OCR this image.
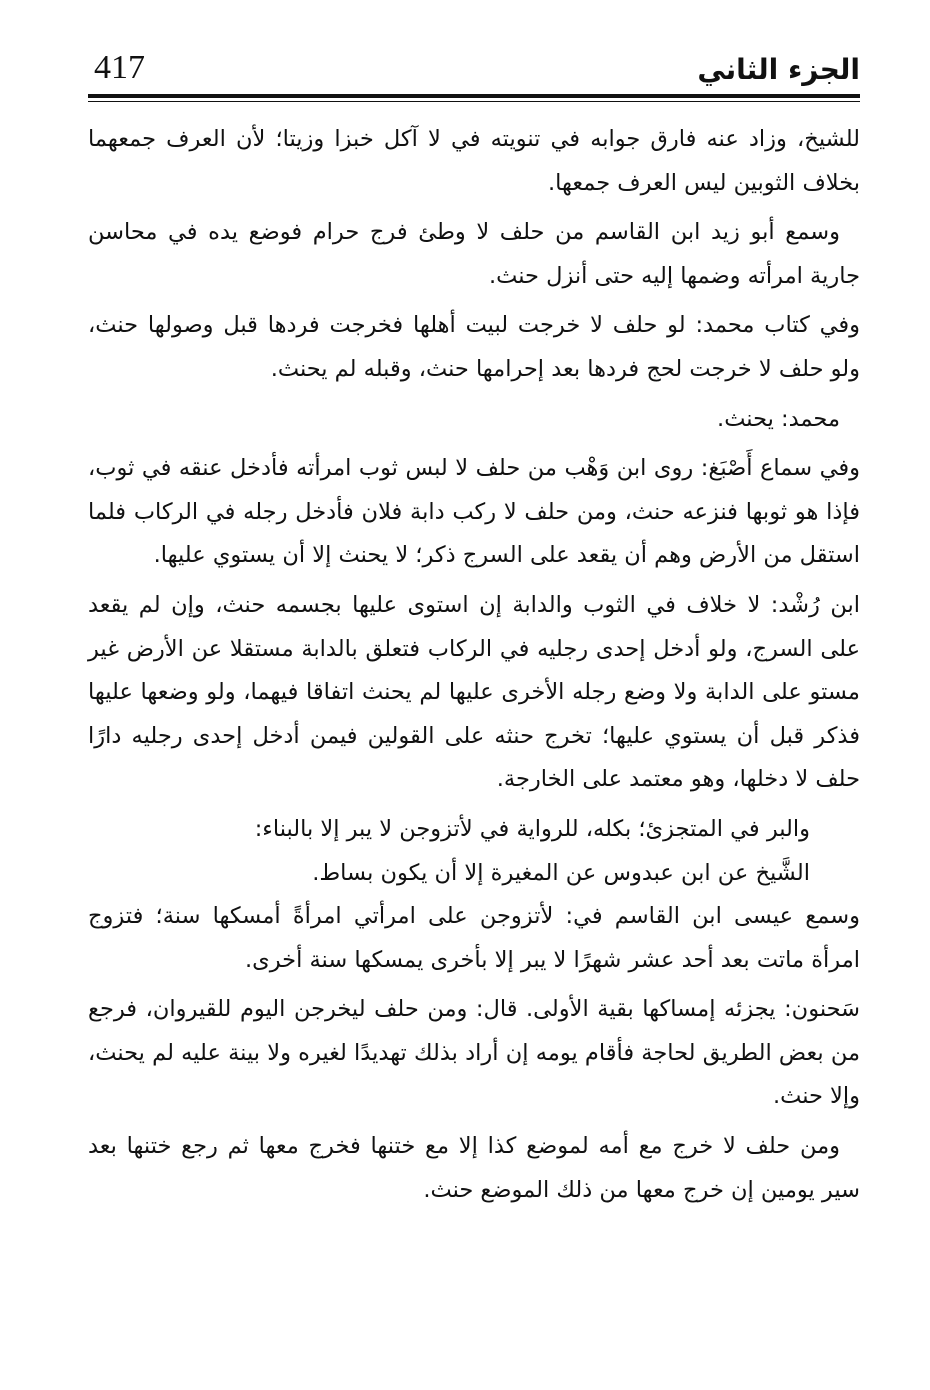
417	الجزء الثاني

للشيخ، وزاد عنه فارق جوابه في تنويته في لا آكل خبزا وزيتا؛ لأن العرف جمعهما بخلاف الثوبين ليس العرف جمعها.

وسمع أبو زيد ابن القاسم من حلف لا وطئ فرج حرام فوضع يده في محاسن جارية امرأته وضمها إليه حتى أنزل حنث.

وفي كتاب محمد: لو حلف لا خرجت لبيت أهلها فخرجت فردها قبل وصولها حنث، ولو حلف لا خرجت لحج فردها بعد إحرامها حنث، وقبله لم يحنث.

محمد: يحنث.

وفي سماع أَصْبَغ: روى ابن وَهْب من حلف لا لبس ثوب امرأته فأدخل عنقه في ثوب، فإذا هو ثوبها فنزعه حنث، ومن حلف لا ركب دابة فلان فأدخل رجله في الركاب فلما استقل من الأرض وهم أن يقعد على السرج ذكر؛ لا يحنث إلا أن يستوي عليها.

ابن رُشْد: لا خلاف في الثوب والدابة إن استوى عليها بجسمه حنث، وإن لم يقعد على السرج، ولو أدخل إحدى رجليه في الركاب فتعلق بالدابة مستقلا عن الأرض غير مستو على الدابة ولا وضع رجله الأخرى عليها لم يحنث اتفاقا فيهما، ولو وضعها عليها فذكر قبل أن يستوي عليها؛ تخرج حنثه على القولين فيمن أدخل إحدى رجليه دارًا حلف لا دخلها، وهو معتمد على الخارجة.

والبر في المتجزئ؛ بكله، للرواية في لأتزوجن لا يبر إلا بالبناء:

الشَّيخ عن ابن عبدوس عن المغيرة إلا أن يكون بساط.

وسمع عيسى ابن القاسم في: لأتزوجن على امرأتي امرأةً أمسكها سنة؛ فتزوج امرأة ماتت بعد أحد عشر شهرًا لا يبر إلا بأخرى يمسكها سنة أخرى.

سَحنون: يجزئه إمساكها بقية الأولى. قال: ومن حلف ليخرجن اليوم للقيروان، فرجع من بعض الطريق لحاجة فأقام يومه إن أراد بذلك تهديدًا لغيره ولا بينة عليه لم يحنث، وإلا حنث.

ومن حلف لا خرج مع أمه لموضع كذا إلا مع ختنها فخرج معها ثم رجع ختنها بعد سير يومين إن خرج معها من ذلك الموضع حنث.
